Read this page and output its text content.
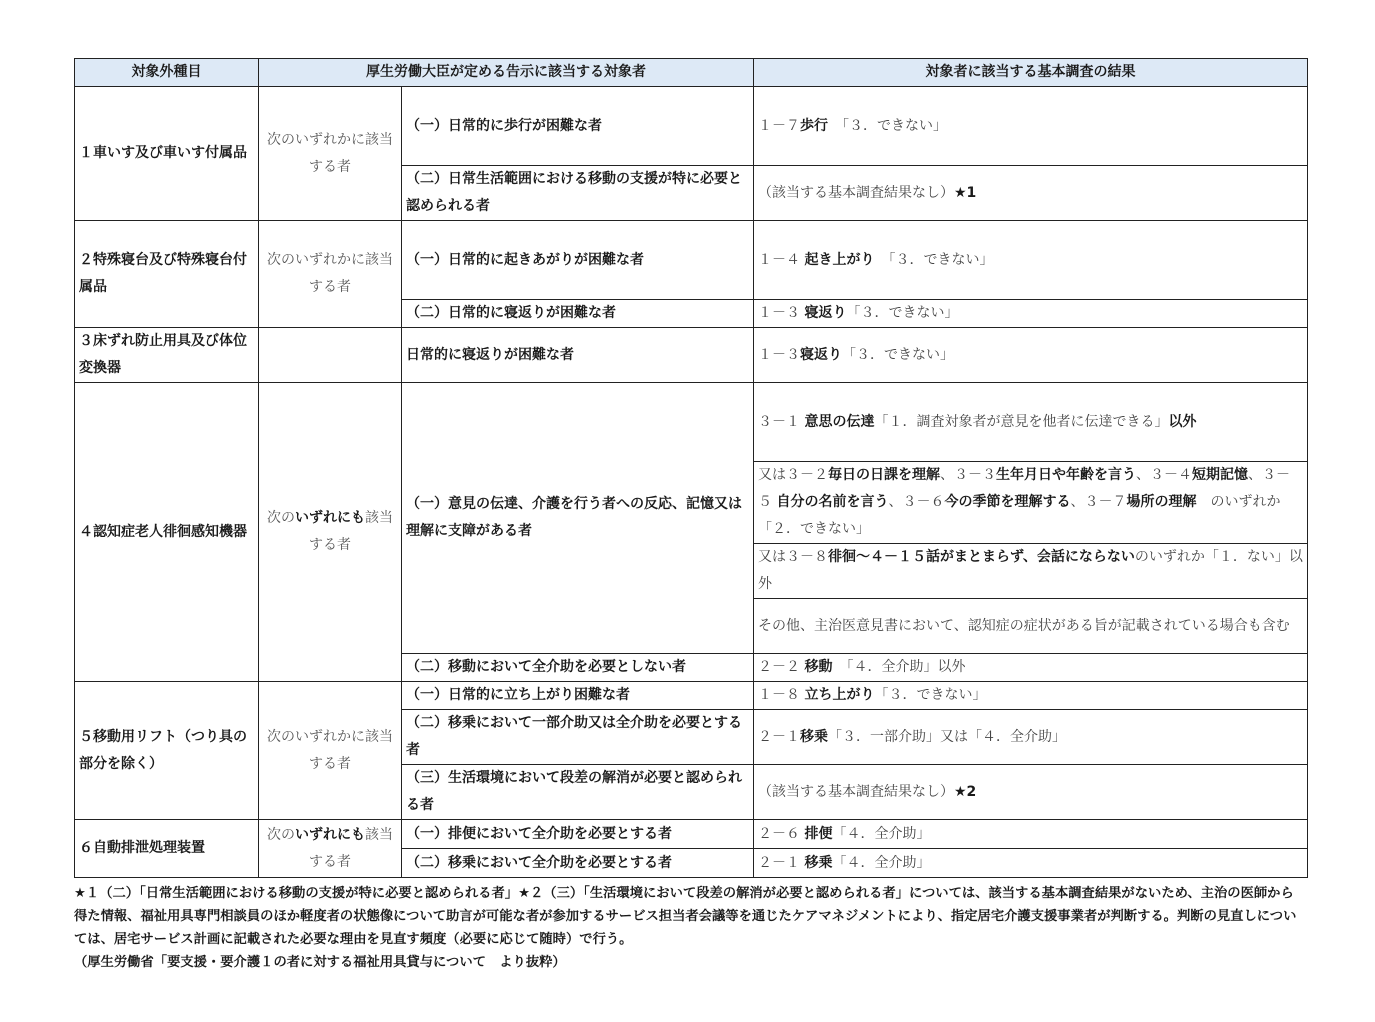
対象外種目	厚生労働大臣が定める告示に該当する対象者		対象者に該当する基本調査の結果
１車いす及び車いす付属品	次のいずれかに該当する者	（一）日常的に歩行が困難な者	１－７歩行　「３．できない」
		（二）日常生活範囲における移動の支援が特に必要と認められる者	（該当する基本調査結果なし）★1
２特殊寝台及び特殊寝台付属品	次のいずれかに該当する者	（一）日常的に起きあがりが困難な者	１－４ 起き上がり　「３．できない」
		（二）日常的に寝返りが困難な者	１－３ 寝返り「３．できない」
３床ずれ防止用具及び体位変換器		日常的に寝返りが困難な者	１－３寝返り「３．できない」
４認知症老人徘徊感知機器	次のいずれにも該当する者	（一）意見の伝達、介護を行う者への反応、記憶又は理解に支障がある者	３－１ 意思の伝達「１．調査対象者が意見を他者に伝達できる」以外
			又は３－２毎日の日課を理解、３－３生年月日や年齢を言う、３－４短期記憶、３－５ 自分の名前を言う、３－６今の季節を理解する、３－７場所の理解　のいずれか「２．できない」
			又は３－８徘徊～４－１５話がまとまらず、会話にならないのいずれか「１．ない」以外
			その他、主治医意見書において、認知症の症状がある旨が記載されている場合も含む
		（二）移動において全介助を必要としない者	２－２ 移動　「４．全介助」以外
５移動用リフト（つり具の部分を除く）	次のいずれかに該当する者	（一）日常的に立ち上がり困難な者	１－８ 立ち上がり「３．できない」
		（二）移乗において一部介助又は全介助を必要とする者	２－１移乗「３．一部介助」又は「４．全介助」
		（三）生活環境において段差の解消が必要と認められる者	（該当する基本調査結果なし）★2
６自動排泄処理装置	次のいずれにも該当する者	（一）排便において全介助を必要とする者	２－６ 排便「４．全介助」
		（二）移乗において全介助を必要とする者	２－１ 移乗「４．全介助」
★１（二）「日常生活範囲における移動の支援が特に必要と認められる者」★２（三）「生活環境において段差の解消が必要と認められる者」については、該当する基本調査結果がないため、主治の医師から得た情報、福祉用具専門相談員のほか軽度者の状態像について助言が可能な者が参加するサービス担当者会議等を通じたケアマネジメントにより、指定居宅介護支援事業者が判断する。判断の見直しについては、居宅サービス計画に記載された必要な理由を見直す頻度（必要に応じて随時）で行う。
（厚生労働省「要支援・要介護１の者に対する福祉用具貸与について　より抜粋）
